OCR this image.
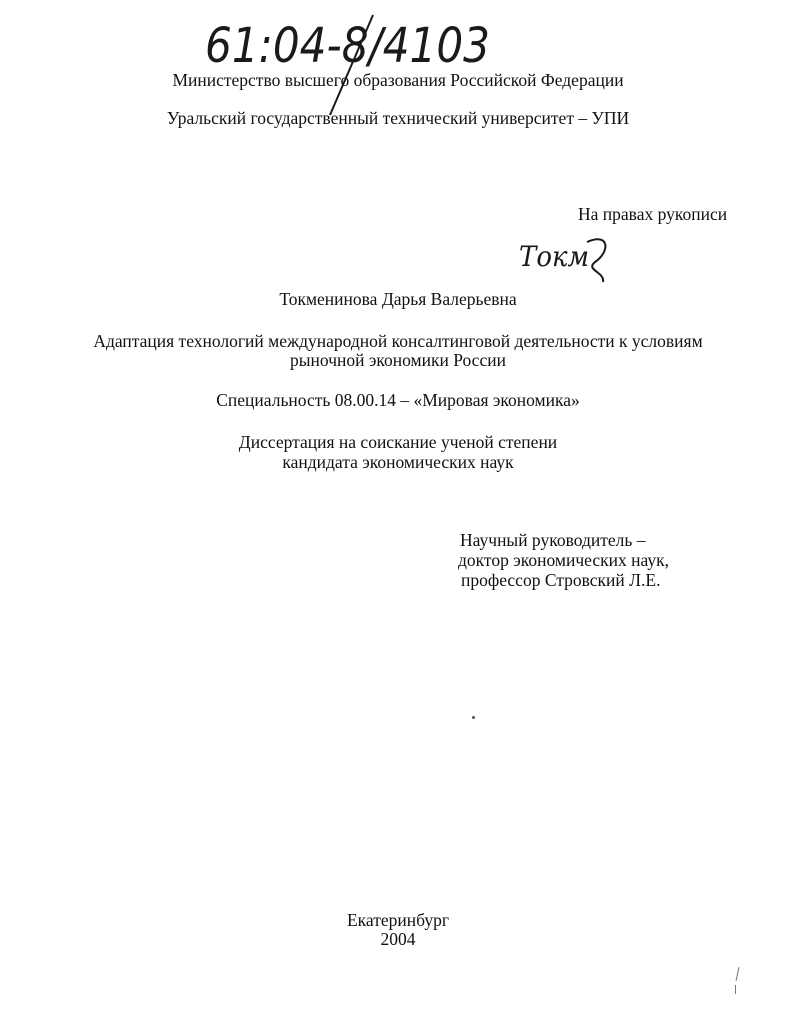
61:04-8/4103
Министерство высшего образования Российской Федерации
Уральский государственный технический университет – УПИ
На правах рукописи
Токм
Токменинова Дарья Валерьевна
Адаптация технологий международной консалтинговой деятельности к условиям
рыночной экономики России
Специальность 08.00.14 – «Мировая экономика»
Диссертация на соискание ученой степени
кандидата экономических наук
Научный руководитель –
доктор экономических наук,
профессор Стровский Л.Е.
Екатеринбург
2004
